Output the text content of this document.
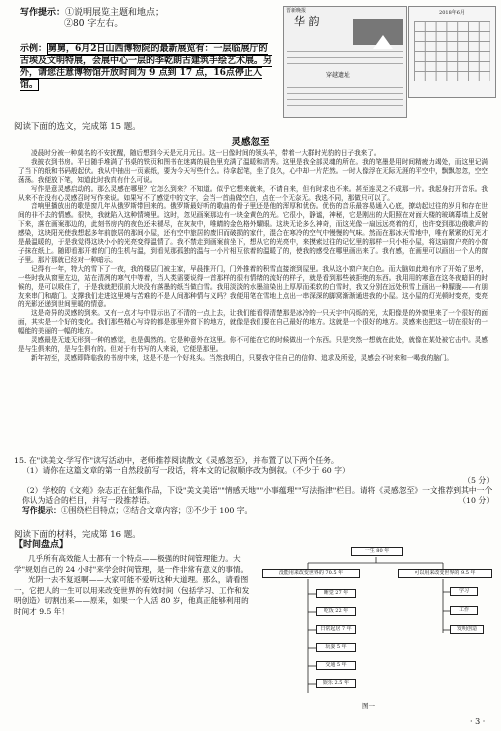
写作提示：①说明展览主题和地点；
②80 字左右。
示例：舅舅，6月2日山西博物院的最新展览有：一层临展厅的古埃及文明特展，会展中心一层的李乾朗古建筑手绘艺术展。另外，请您注意博物馆开放时间为 9 点到 17 点，16点停止入馆。
晋新晚报
华 韵
穿越遗址
2018年6月
阅读下面的选文，完成第 15 题。
灵感忽至

凌晨时分被一种莫名的不安扰醒，随后想到今天是元月元日。这一日像时间的领头羊，带着一大群时光豹的日子我来了。

我披衣到书房。平日随手堆满了书桌的铁页和图书在迷离的晨色里充满了温暖和清秀。这里是我全部灵魂的所在。我的笔墨是用时间精疲力竭处，而这里记满了当下的纸和书码般起伏。我从中抽出一页素纸，要为今天写些什么。待拿起笔，坐了良久，心中却一片茫然。一时人像浮在无际无涯的平空中，飘飘忽忽，空空荡荡。我便放下笔，知道此时我真有什么可说。

写作是意灵感启动的。那么灵感在哪里？它怎么到来？不知道。似乎它想来就来，不请自来，但有时求也不来。甚至连灵之不成那一片。我起身打开音乐。我从来不在没有心灵感召时写作来说。如果写不了感觉中的文字，会当一首曲做空白，点在一个无奈无。我选不同，那做只可以了。

音响里播放出的歌是窗几年从俄罗斯带回来的。俄罗斯最好听的歌曲的骨子里还是他的浑厚和优伤。优伤的音乐最容易通入心底，撩动起过往的岁月和存在世间的非不去的情感。很快，我就陷入这种情境里。这时，忽见画案那边有一块金黄色的光。它很小，静谧，神秘，它是刚出的大阳照在对面大楼的玻璃幕墙上反射下来，落在画案那边的，此刻书房内的夜色还未褪尽，在灰灰中，唯睛的金色格外耀眼。这块无论多么神奇，而这光像一扇远远亮着的灯，也许变到那边俄歌声的感染，这块阳光使我想起多年前旅居的那间小屋，还有空中旅居的废旧而破损的家什，混合在寒冷的空气中慢慢的气味。然而在那冰天雪地中，唯有紧紧的灯光才是最温暖的，于是我觉得这块小小的光亮变得温情了。我不禁走到画案前坐下，想从它的光亮中，来摸索过往的记忆里的那样一只小柜小屋，将这扇窗户亮的小窗子抹在纸上。随即看那开着的门的生机与温，到看见那孤独的温与一小片相互依着的温暖了的，使我的感受在哪里画出来了。我有感，在画里可以画出一个人的窗子里。那片那就已经对一种暗示。

记得有一年，特大的雪下了一夜，我的楼层门被主家，早晨推开门，门外推着的积雪直接滚到屋里。我从这小窗户灰白色。而大脑如此地有序了开始了思考，一些时我从窗里左边，站在清冽的寒气中等着，当人类需要说得一首那样的很有情绪的流好的样子，就是看到那些被拒绝的东西。我用用的寒意在这冬夜暗旧的时候的，是可以吸住了，于是我就把很前大块没有落墨的纸当做白雪。我用淡淡的水墨渲染出上厚厚而柔软的白雪时，我又分别在远处积雪上画出一种朦胧——有朋友来串门和敲门。支撑我们走进这里境与苦难的不是人间那种情与义吗？我便用笔在雪地上点出一串深深的脚窝渐渐通进我的小屋。这小屋的灯光顿时变亮，变亮的光影还递到世间里暖的情意。

这是奇异的灵感的到来。又有一点才与中显示出了不清的一点上去，让我们能看得清楚那是冰冷的一只天宇中闪烁的光，太阳像是的外窗里来了一个很好的面面，其实是一个好的变化。我们那些精心写诗的都是那里外窗下的地方，就像是我们要在自己最好的地方。这就是一个很好的地方。灵感来也把这一切在很好的一幅能的美丽的一幅的地方。

灵感最是无迹无形到一种的感觉，也是偶然的。它是种意外在这里。你不可能在它的时候做出一个东西。只是突然一想就在此处，就像在某处被它击中。灵感是与生俱来的，是与生俱有的。但对于有书写的人来说，它便是那里。

新年初至，灵感即降临我的书房中来，这是不是一个好兆头。当然我明白，只要我守住自己的信仰、追求及所爱，灵感会不时来和一喝我的脑门。

15. 在"读美文·学写作"读写活动中，老师推荐阅读散文《灵感忽至》，并布置了以下两个任务。

（1）请你在这篇文章的第一自然段前写一段话，将本文的记叙顺序改为倒叙。（不少于 60 字）

（5 分）

（2）学校的《文苑》杂志正在征集作品，下设"美文美语""情感天地""小事蕴理""写法指津"栏目。请将《灵感忽至》一文推荐到其中一个你认为适合的栏目，并写一段推荐语。	（10 分）

写作提示：①围绕栏目特点；②结合文章内容；③不少于 100 字。

阅读下面的材料，完成第 16 题。
【时间盘点】

几乎所有高效能人士都有一个特点——极强的时间管理能力。大学"规划自己的 24 小时"来学会时间管理，是一件非常有意义的事情。

光阴一去不复返啊——大家可能不爱听这种大道理。那么，请看图一，它把人的一生可以用来改变世界的有效时间（包括学习、工作和发明创造）切割出来——原来，如果一个人活 80 岁，他真正能够利用的时间才 9.5 年！

一生 80 年
没能用来改变世界的 70.5 年	可以用来改变世界的 9.5 年
睡觉 27 年
吃饭 22 年
日常起居 7 年
玩耍 5 年
交通 5 年
娱乐 2.5 年
学习
工作
发明创造
图一
· 3 ·
